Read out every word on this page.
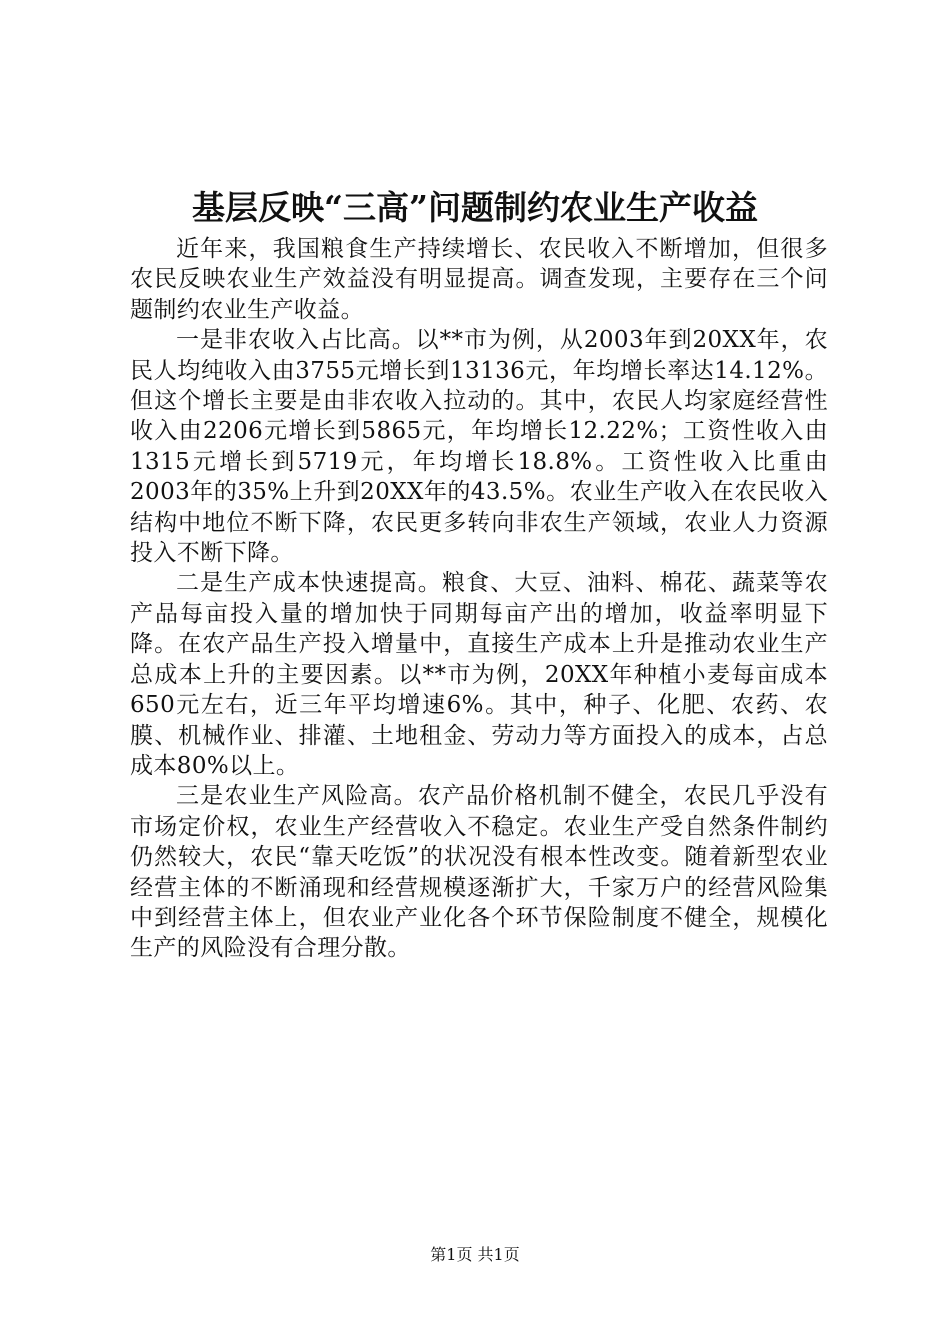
基层反映“三高”问题制约农业生产收益

近年来，我国粮食生产持续增长、农民收入不断增加，但很多农民反映农业生产效益没有明显提高。调查发现，主要存在三个问题制约农业生产收益。

一是非农收入占比高。以**市为例，从2003年到20XX年，农民人均纯收入由3755元增长到13136元，年均增长率达14.12%。但这个增长主要是由非农收入拉动的。其中，农民人均家庭经营性收入由2206元增长到5865元，年均增长12.22%；工资性收入由1315元增长到5719元，年均增长18.8%。工资性收入比重由2003年的35%上升到20XX年的43.5%。农业生产收入在农民收入结构中地位不断下降，农民更多转向非农生产领域，农业人力资源投入不断下降。

二是生产成本快速提高。粮食、大豆、油料、棉花、蔬菜等农产品每亩投入量的增加快于同期每亩产出的增加，收益率明显下降。在农产品生产投入增量中，直接生产成本上升是推动农业生产总成本上升的主要因素。以**市为例，20XX年种植小麦每亩成本650元左右，近三年平均增速6%。其中，种子、化肥、农药、农膜、机械作业、排灌、土地租金、劳动力等方面投入的成本，占总成本80%以上。

三是农业生产风险高。农产品价格机制不健全，农民几乎没有市场定价权，农业生产经营收入不稳定。农业生产受自然条件制约仍然较大，农民“靠天吃饭”的状况没有根本性改变。随着新型农业经营主体的不断涌现和经营规模逐渐扩大，千家万户的经营风险集中到经营主体上，但农业产业化各个环节保险制度不健全，规模化生产的风险没有合理分散。

第1页 共1页
